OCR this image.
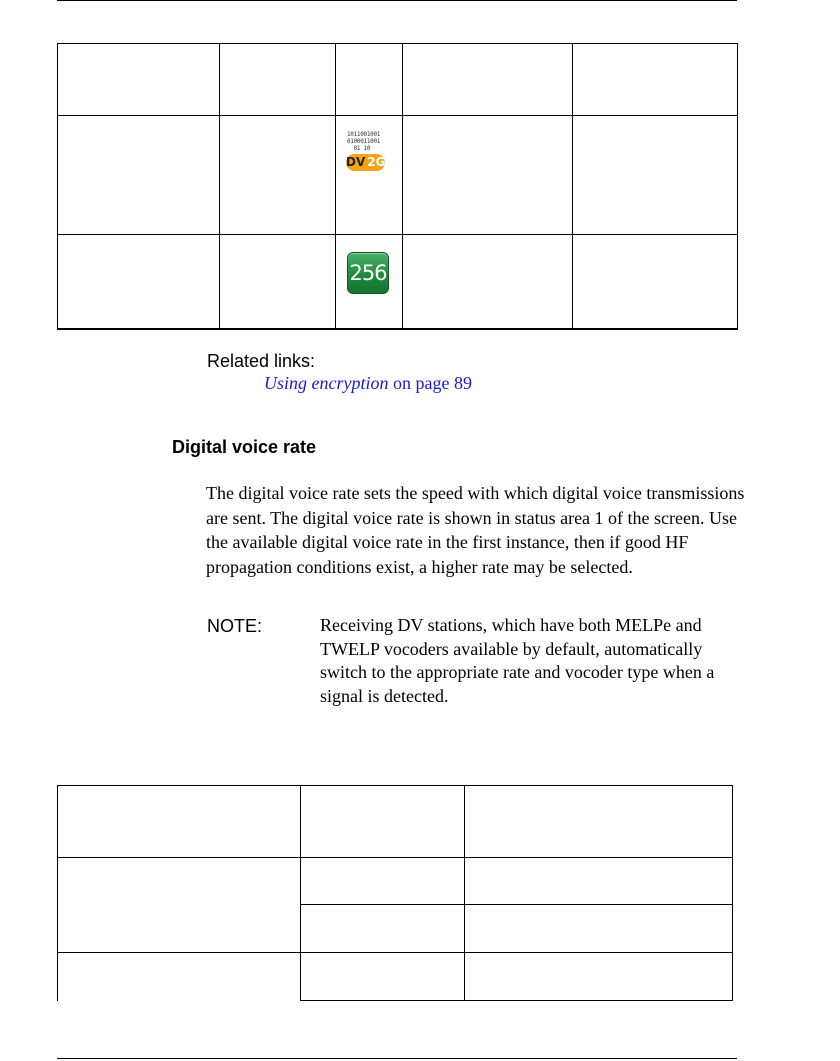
1011001001
0100011001
01 10
DV 2G
256
Related links:
Using encryption on page 89
Digital voice rate
The digital voice rate sets the speed with which digital voice transmissions are sent. The digital voice rate is shown in status area 1 of the screen. Use the available digital voice rate in the first instance, then if good HF propagation conditions exist, a higher rate may be selected.
NOTE:	Receiving DV stations, which have both MELPe and TWELP vocoders available by default, automatically switch to the appropriate rate and vocoder type when a signal is detected.
